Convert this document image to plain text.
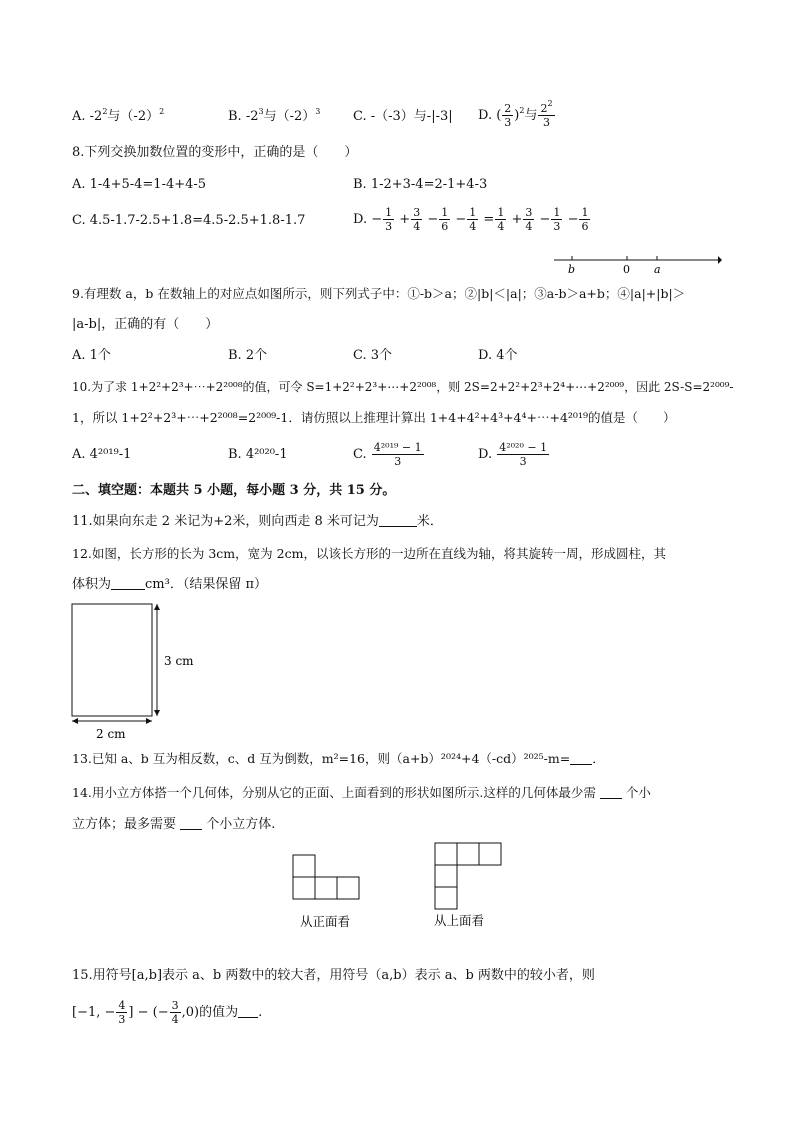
A. $-2^2$与$(-2)^2$	B. $-2^3$与$(-2)^3$	C. -（-3）与-|-3| D. ( $\frac{2}{3} )^2$与 $\frac{2^2}{3}$
8.下列交换加数位置的变形中，正确的是（　　）
A. 1-4+5-4=1-4+4-5	B. 1-2+3-4=2-1+4-3
C. 4.5-1.7-2.5+1.8=4.5-2.5+1.8-1.7	D. − $\frac{1}{3} + \frac{3}{4} - \frac{1}{6} - \frac{1}{4} = \frac{1}{4} + \frac{3}{4} - \frac{1}{3} - \frac{1}{6}$
b	0 a
9.有理数 a，b 在数轴上的对应点如图所示，则下列式子中：①-b＞a；②|b|＜|a|；③a-b＞a+b；④|a|+|b|＞
|a-b|，正确的有（　　）
A. 1个	B. 2个	C. 3个	D. 4个
10.为了求 1+2²+2³+⋯+2²⁰⁰⁸的值，可令 S=1+2²+2³+⋯+2²⁰⁰⁸，则 2S=2+2²+2³+2⁴+⋯+2²⁰⁰⁹，因此 2S-S=2²⁰⁰⁹-
1，所以 1+2²+2³+⋯+2²⁰⁰⁸=2²⁰⁰⁹-1．请仿照以上推理计算出 1+4+4²+4³+4⁴+⋯+4²⁰¹⁹的值是（　　）
A. 4²⁰¹⁹-1	B. 4²⁰²⁰-1	C. $\frac{\text{4²⁰¹⁹ − 1}}{3}$	D. $\frac{\text{4²⁰²⁰ − 1}}{3}$
二、填空题：本题共 5 小题，每小题 3 分，共 15 分。
11.如果向东走 2 米记为+2米，则向西走 8 米可记为	米．
12.如图，长方形的长为 3cm，宽为 2cm，以该长方形的一边所在直线为轴，将其旋转一周，形成圆柱，其
体积为	cm³．（结果保留 π）
3 cm
2 cm
13.已知 a、b 互为相反数，c、d 互为倒数，m²=16，则（a+b）²⁰²⁴+4（-cd）²⁰²⁵-m= ．
14.用小立方体搭一个几何体，分别从它的正面、上面看到的形状如图所示.这样的几何体最少需 个小
立方体；最多需要 个小立方体.
从正面看	从上面看
15.用符号[a,b]表示 a、b 两数中的较大者，用符号（a,b）表示 a、b 两数中的较小者，则
[−1, − $\frac{4}{3}$ ] − (− $\frac{3}{4} ,0$)的值为 .
